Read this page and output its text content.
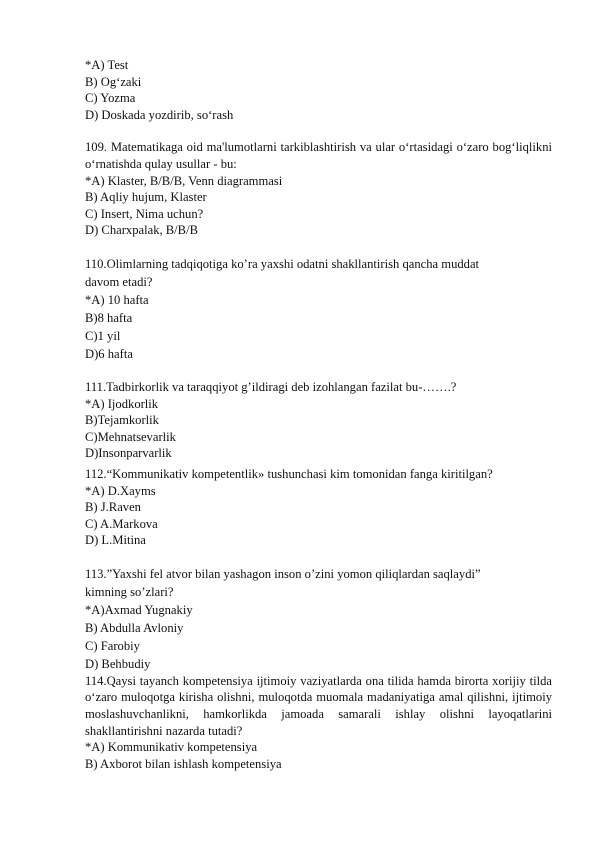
*A) Test
B) Og‘zaki
C) Yozma
D) Doskada yozdirib, so‘rash
109. Matematikaga oid ma'lumotlarni tarkiblashtirish va ular o‘rtasidagi o‘zaro bog‘liqlikni o‘rnatishda qulay usullar - bu:
*A) Klaster, B/B/B, Venn diagrammasi
B) Aqliy hujum, Klaster
C) Insert, Nima uchun?
D) Charxpalak, B/B/B
110.Olimlarning tadqiqotiga ko’ra yaxshi odatni shakllantirish qancha muddat
davom etadi?
*A) 10 hafta
B)8 hafta
C)1 yil
D)6 hafta
111.Tadbirkorlik va taraqqiyot g’ildiragi deb izohlangan fazilat bu-…….?
*A) Ijodkorlik
B)Tejamkorlik
C)Mehnatsevarlik
D)Insonparvarlik
112.“Kommunikativ kompetentlik» tushunchasi kim tomonidan fanga kiritilgan?
*A) D.Xayms
B) J.Raven
C) A.Markova
D) L.Mitina
113.”Yaxshi fel atvor bilan yashagon inson o’zini yomon qiliqlardan saqlaydi”
kimning so’zlari?
*A)Axmad Yugnakiy
B) Abdulla Avloniy
C) Farobiy
D) Behbudiy
114.Qaysi tayanch kompetensiya ijtimoiy vaziyatlarda ona tilida hamda birorta xorijiy tilda o‘zaro muloqotga kirisha olishni, muloqotda muomala madaniyatiga amal qilishni, ijtimoiy moslashuvchanlikni, hamkorlikda jamoada samarali ishlay olishni layoqatlarini shakllantirishni nazarda tutadi?
*A) Kommunikativ kompetensiya
B) Axborot bilan ishlash kompetensiya
